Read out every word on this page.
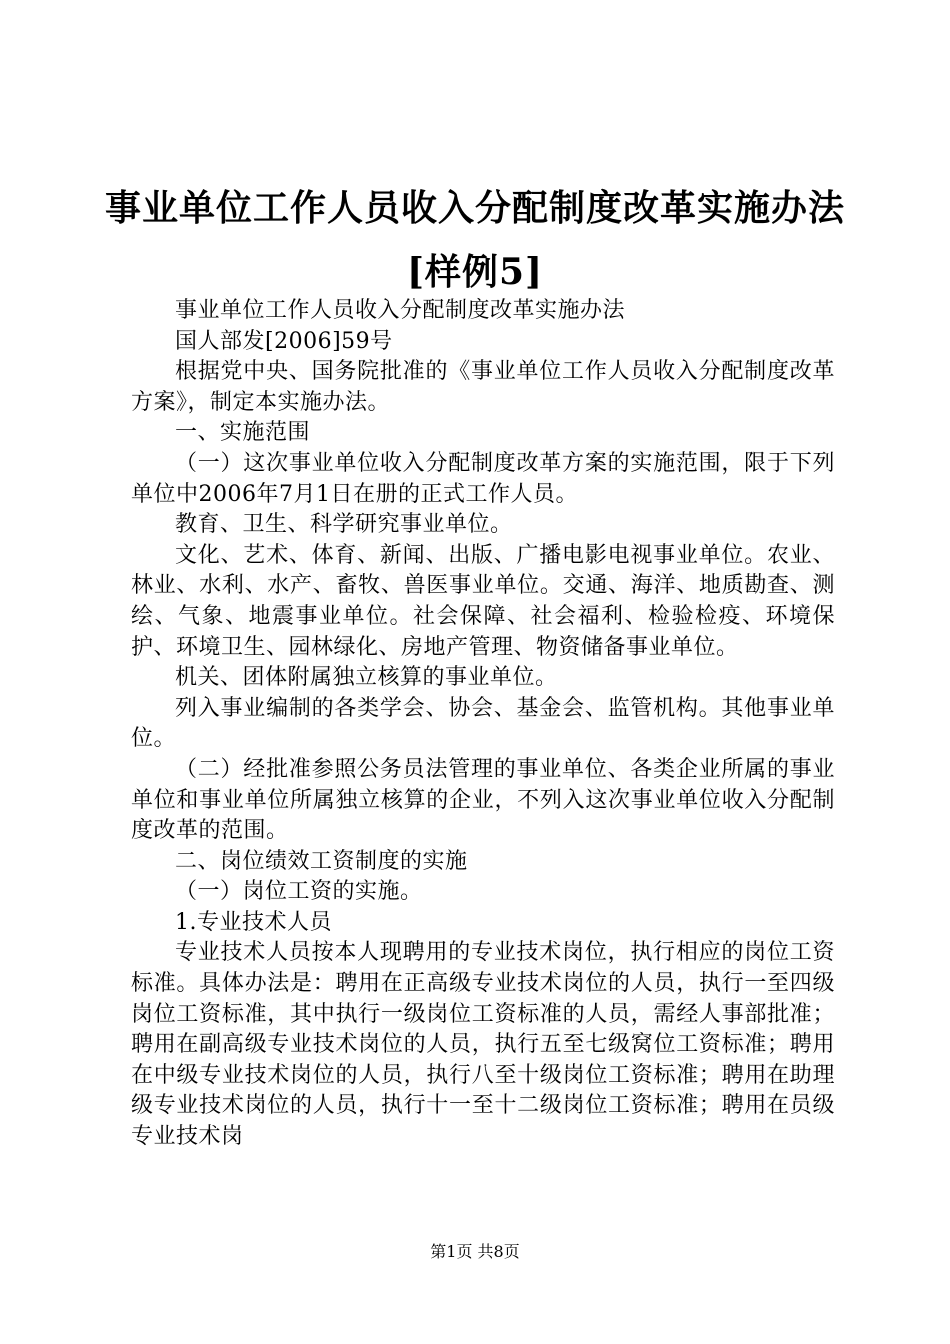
事业单位工作人员收入分配制度改革实施办法
[样例5]

事业单位工作人员收入分配制度改革实施办法

国人部发[2006]59号

根据党中央、国务院批准的《事业单位工作人员收入分配制度改革方案》，制定本实施办法。

一、实施范围

（一）这次事业单位收入分配制度改革方案的实施范围，限于下列单位中2006年7月1日在册的正式工作人员。

教育、卫生、科学研究事业单位。

文化、艺术、体育、新闻、出版、广播电影电视事业单位。农业、林业、水利、水产、畜牧、兽医事业单位。交通、海洋、地质勘查、测绘、气象、地震事业单位。社会保障、社会福利、检验检疫、环境保护、环境卫生、园林绿化、房地产管理、物资储备事业单位。

机关、团体附属独立核算的事业单位。

列入事业编制的各类学会、协会、基金会、监管机构。其他事业单位。

（二）经批准参照公务员法管理的事业单位、各类企业所属的事业单位和事业单位所属独立核算的企业，不列入这次事业单位收入分配制度改革的范围。

二、岗位绩效工资制度的实施

（一）岗位工资的实施。

1.专业技术人员

专业技术人员按本人现聘用的专业技术岗位，执行相应的岗位工资标准。具体办法是：聘用在正高级专业技术岗位的人员，执行一至四级岗位工资标准，其中执行一级岗位工资标准的人员，需经人事部批准；聘用在副高级专业技术岗位的人员，执行五至七级窝位工资标准；聘用在中级专业技术岗位的人员，执行八至十级岗位工资标准；聘用在助理级专业技术岗位的人员，执行十一至十二级岗位工资标准；聘用在员级专业技术岗

第1页 共8页
